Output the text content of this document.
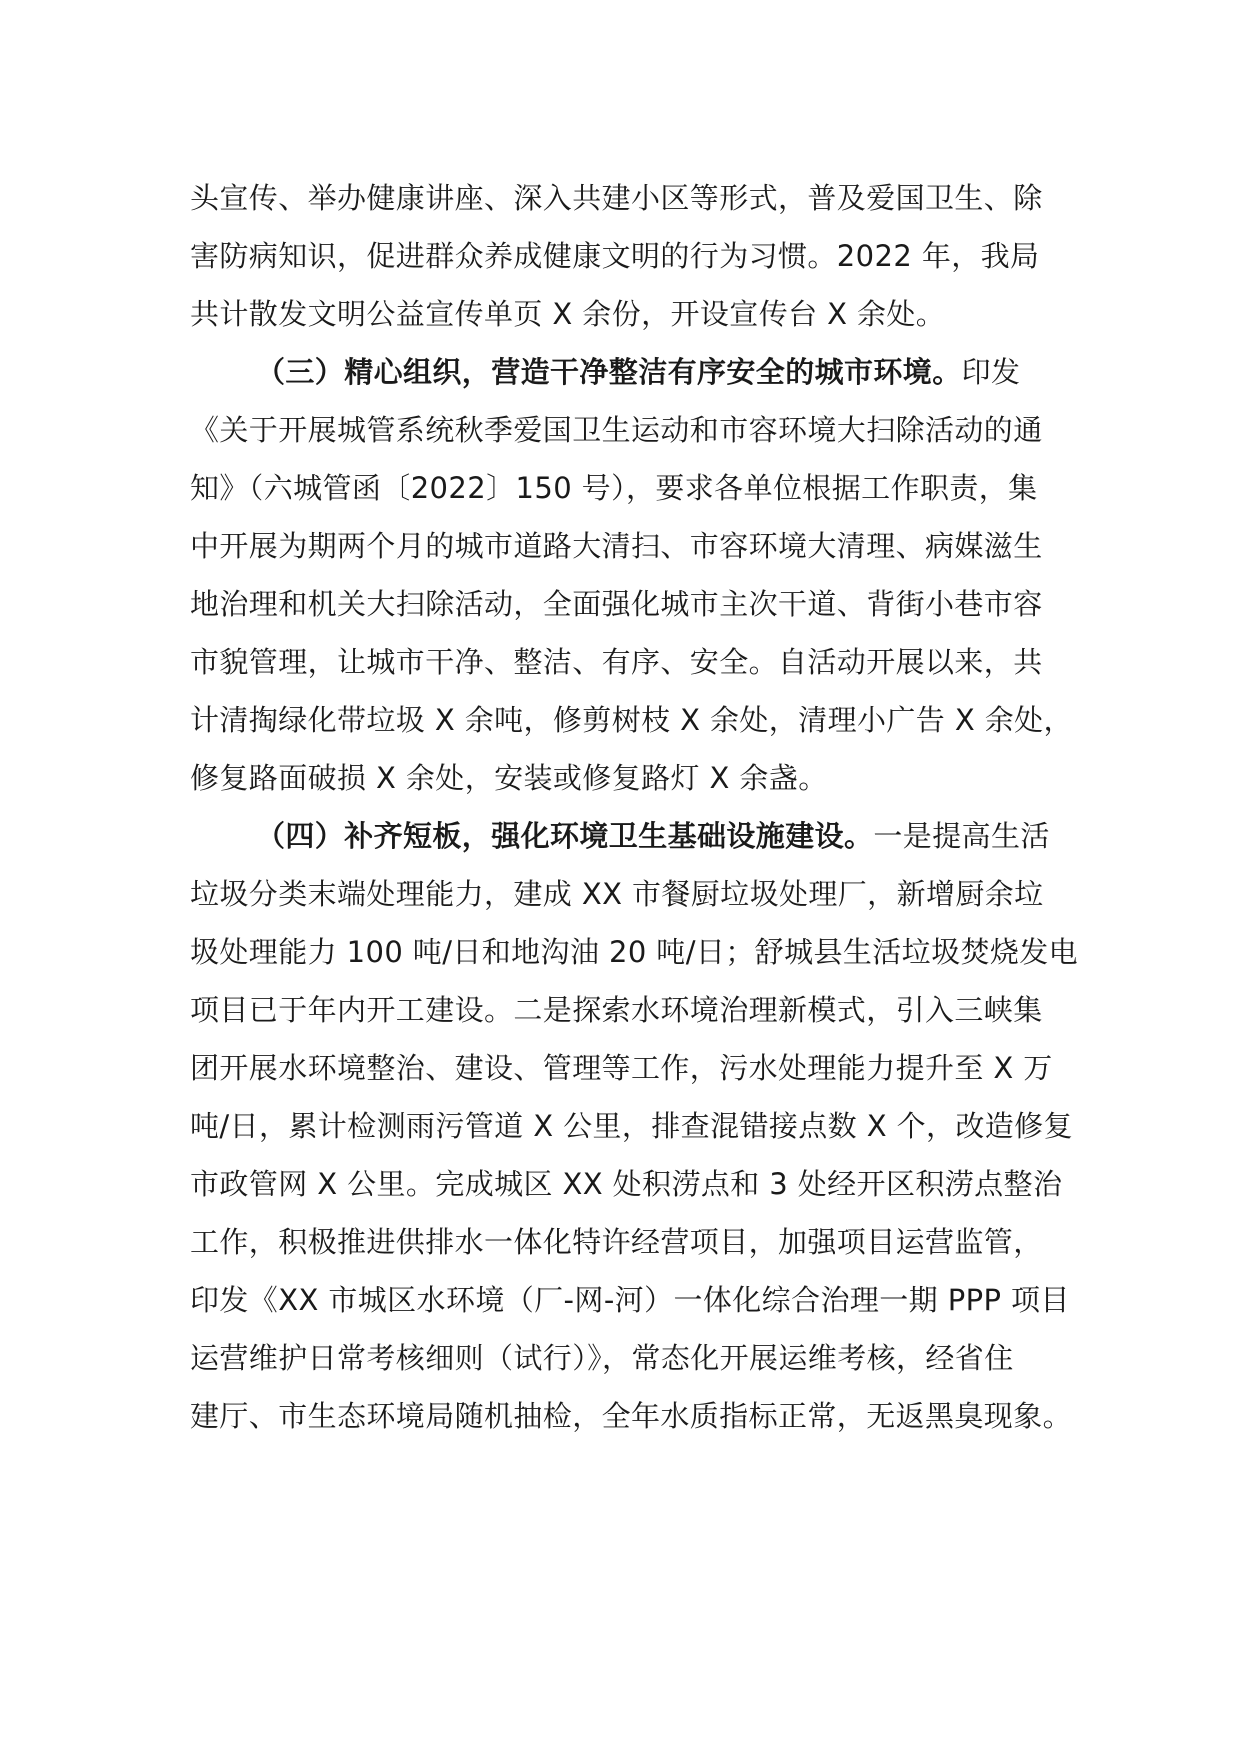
头宣传、举办健康讲座、深入共建小区等形式，普及爱国卫生、除
害防病知识，促进群众养成健康文明的行为习惯。2022 年，我局
共计散发文明公益宣传单页 X 余份，开设宣传台 X 余处。
（三）精心组织，营造干净整洁有序安全的城市环境。印发
《关于开展城管系统秋季爱国卫生运动和市容环境大扫除活动的通
知》（六城管函〔2022〕150 号），要求各单位根据工作职责，集
中开展为期两个月的城市道路大清扫、市容环境大清理、病媒滋生
地治理和机关大扫除活动，全面强化城市主次干道、背街小巷市容
市貌管理，让城市干净、整洁、有序、安全。自活动开展以来，共
计清掏绿化带垃圾 X 余吨，修剪树枝 X 余处，清理小广告 X 余处，
修复路面破损 X 余处，安装或修复路灯 X 余盏。
（四）补齐短板，强化环境卫生基础设施建设。一是提高生活
垃圾分类末端处理能力，建成 XX 市餐厨垃圾处理厂，新增厨余垃
圾处理能力 100 吨/日和地沟油 20 吨/日；舒城县生活垃圾焚烧发电
项目已于年内开工建设。二是探索水环境治理新模式，引入三峡集
团开展水环境整治、建设、管理等工作，污水处理能力提升至 X 万
吨/日，累计检测雨污管道 X 公里，排查混错接点数 X 个，改造修复
市政管网 X 公里。完成城区 XX 处积涝点和 3 处经开区积涝点整治
工作，积极推进供排水一体化特许经营项目，加强项目运营监管，
印发《XX 市城区水环境（厂-网-河）一体化综合治理一期 PPP 项目
运营维护日常考核细则（试行）》，常态化开展运维考核，经省住
建厅、市生态环境局随机抽检，全年水质指标正常，无返黑臭现象。
